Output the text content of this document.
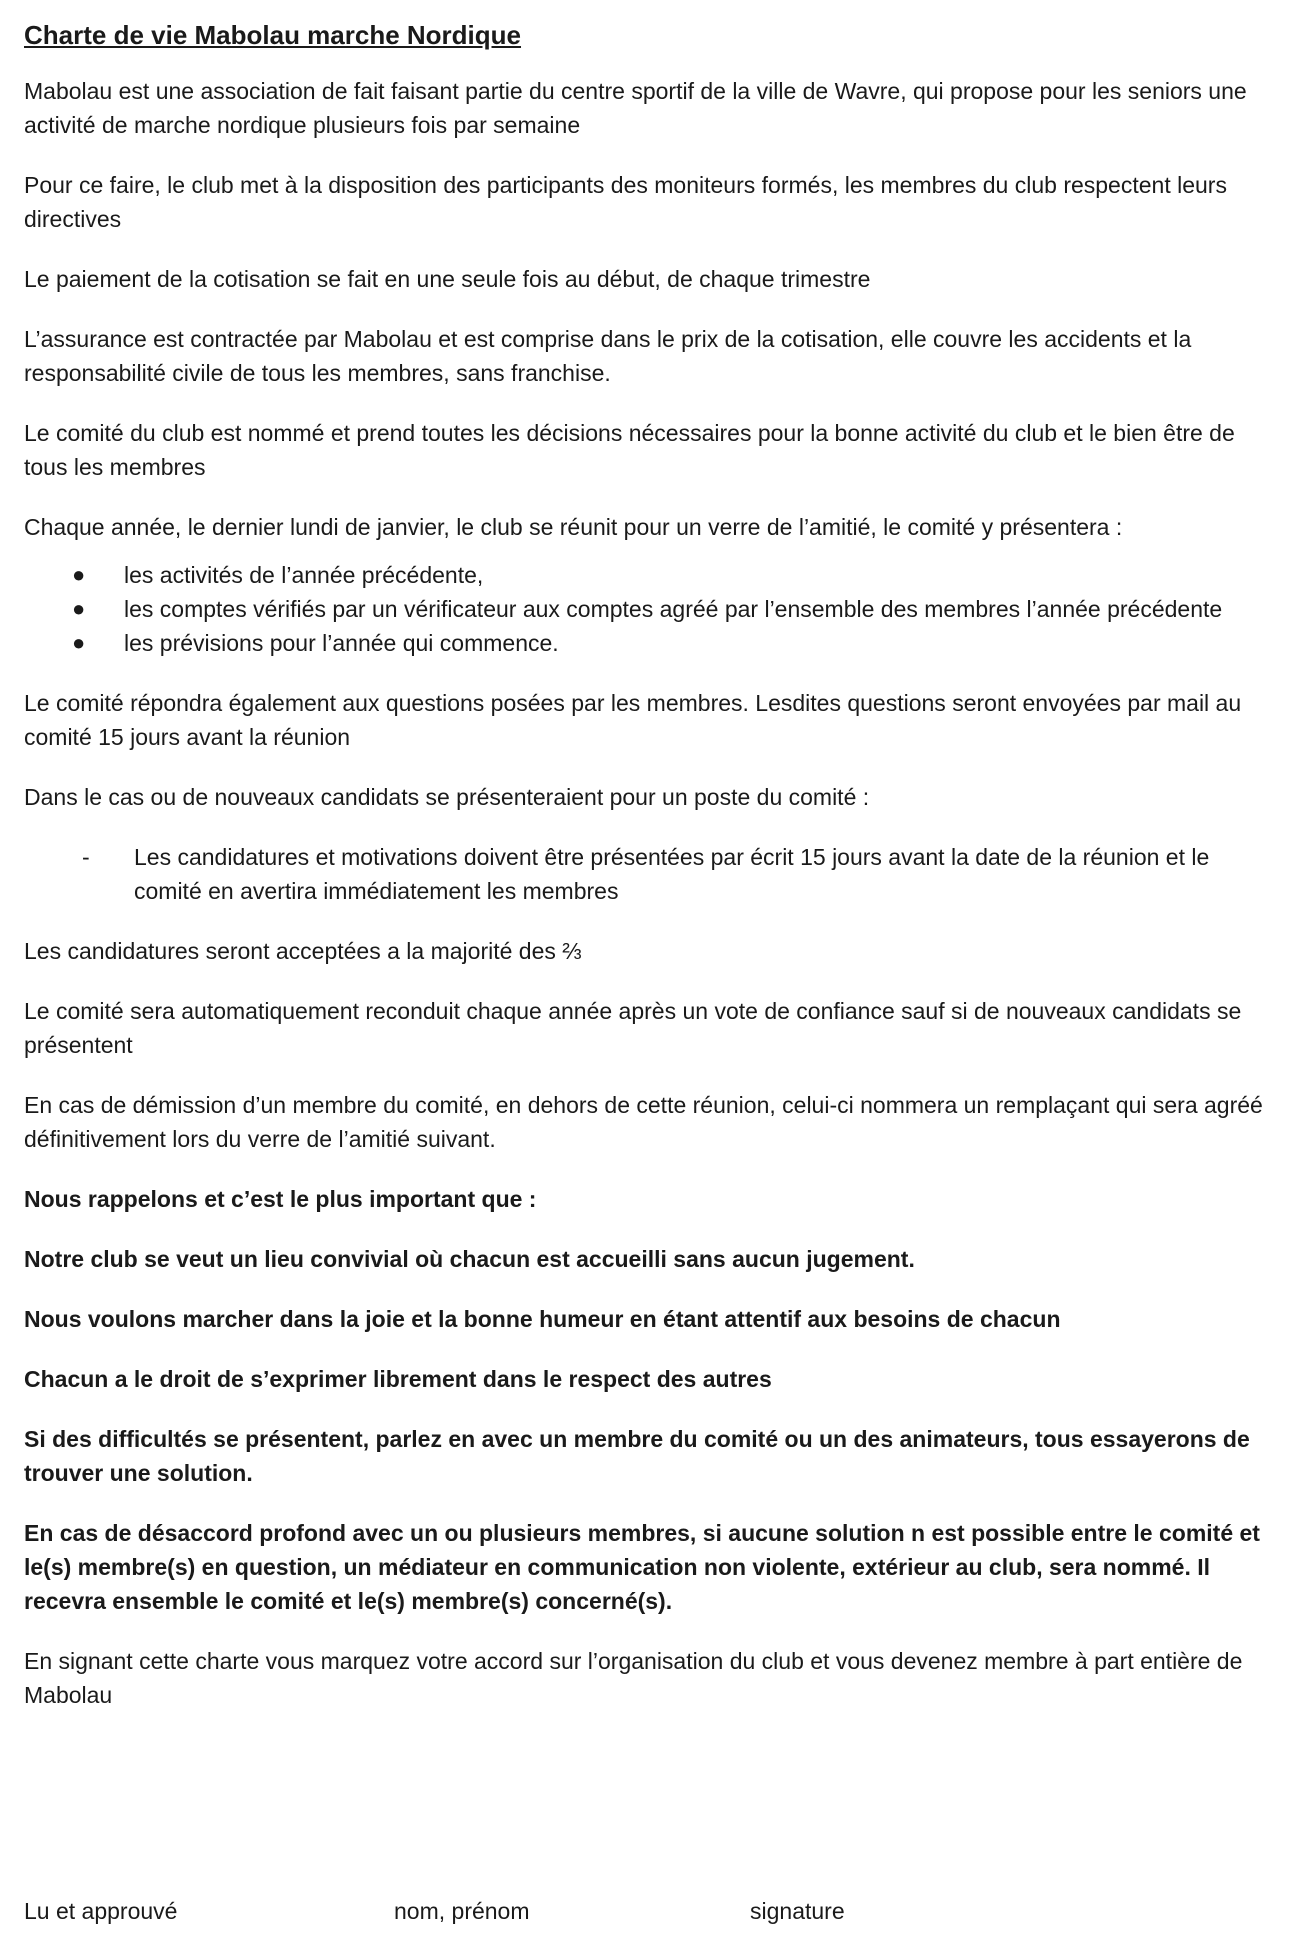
Charte de vie Mabolau marche Nordique

Mabolau est une association de fait faisant partie du centre sportif de la ville de Wavre, qui propose pour les seniors une activité de marche nordique plusieurs fois par semaine

Pour ce faire, le club met à la disposition des participants des moniteurs formés, les membres du club respectent leurs directives

Le paiement de la cotisation se fait en une seule fois au début, de chaque trimestre

L’assurance est contractée par Mabolau et est comprise dans le prix de la cotisation, elle couvre les accidents et la responsabilité civile de tous les membres, sans franchise.

Le comité du club est nommé et prend toutes les décisions nécessaires pour la bonne activité du club et le bien être de tous les membres

Chaque année, le dernier lundi de janvier, le club se réunit pour un verre de l’amitié, le comité y présentera :

● les activités de l’année précédente,
● les comptes vérifiés par un vérificateur aux comptes agréé par l’ensemble des membres l’année précédente
● les prévisions pour l’année qui commence.

Le comité répondra également aux questions posées par les membres. Lesdites questions seront envoyées par mail au comité 15 jours avant la réunion

Dans le cas ou de nouveaux candidats se présenteraient pour un poste du comité :

- Les candidatures et motivations doivent être présentées par écrit 15 jours avant la date de la réunion et le comité en avertira immédiatement les membres

Les candidatures seront acceptées a la majorité des ⅔

Le comité sera automatiquement reconduit chaque année après un vote de confiance sauf si de nouveaux candidats se présentent

En cas de démission d’un membre du comité, en dehors de cette réunion, celui-ci nommera un remplaçant qui sera agréé définitivement lors du verre de l’amitié suivant.

Nous rappelons et c’est le plus important que :

Notre club se veut un lieu convivial où chacun est accueilli sans aucun jugement.

Nous voulons marcher dans la joie et la bonne humeur en étant attentif aux besoins de chacun

Chacun a le droit de s’exprimer librement dans le respect des autres

Si des difficultés se présentent, parlez en avec un membre du comité ou un des animateurs, tous essayerons de trouver une solution.

En cas de désaccord profond avec un ou plusieurs membres, si aucune solution n est possible entre le comité et le(s) membre(s) en question, un médiateur en communication non violente, extérieur au club, sera nommé. Il recevra ensemble le comité et le(s) membre(s) concerné(s).

En signant cette charte vous marquez votre accord sur l’organisation du club et vous devenez membre à part entière de Mabolau

Lu et approuvé	nom, prénom	signature
